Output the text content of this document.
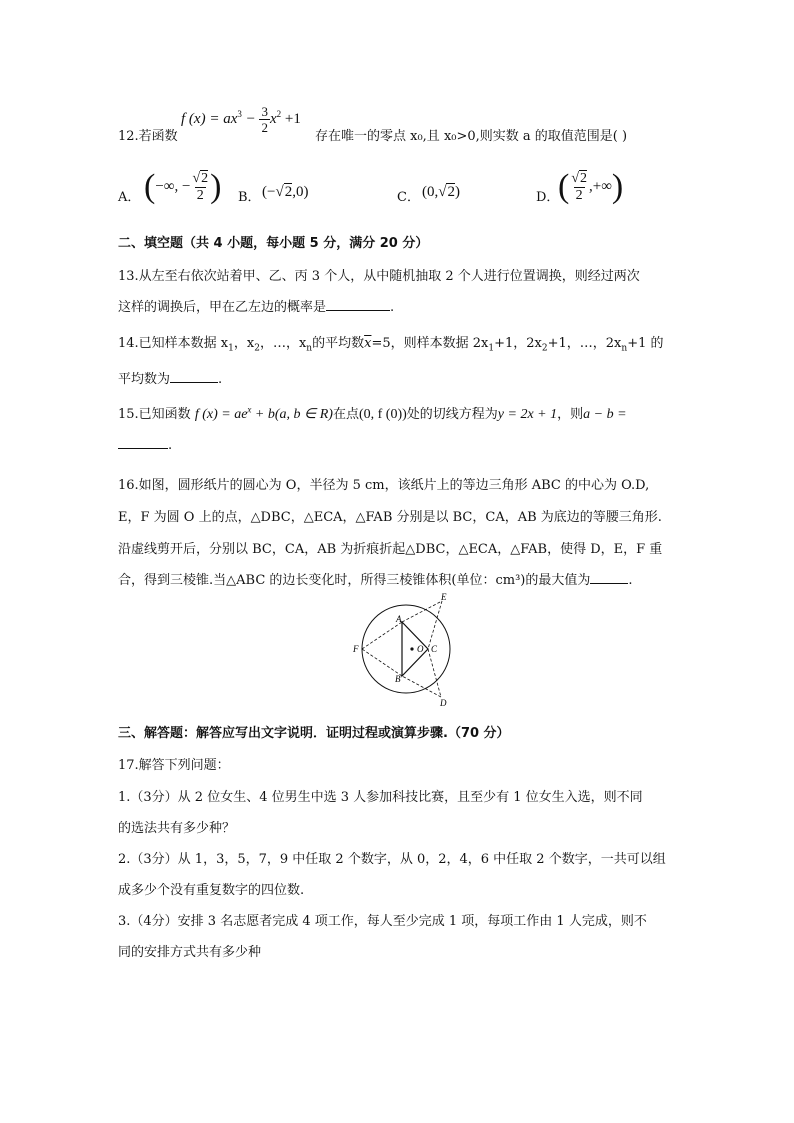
12.若函数
f $(x) = ax^3 - \frac{3}{2} x^2 +1$
存在唯一的零点 x₀,且 x₀>0,则实数 a 的取值范围是( )
A． (−∞, − $\frac{√2}{2}$ ) B． (−√2,0)	C． (0,√2)	D．
( $\frac{√2}{2}$ ,+∞)
二、填空题（共 4 小题，每小题 5 分，满分 20 分）
13.从左至右依次站着甲、乙、丙 3 个人，从中随机抽取 2 个人进行位置调换，则经过两次
这样的调换后，甲在乙左边的概率是	.
14.已知样本数据 $x_1$，$x_2$，…，$x_n$的平均数$\overline{x}=5$，则样本数据 $2x_1+1$，$2x_2+1$，…，$2x_n+1$ 的
平均数为	.
15.已知函数 f $(x) = ae^x + b(a$, b ∈ R)在点(0, f (0))处的切线方程为y = 2x + 1，则a − b =
.
16.如图，圆形纸片的圆心为 O，半径为 5 cm，该纸片上的等边三角形 ABC 的中心为 O.D,
E，F 为圆 O 上的点，△DBC，△ECA，△FAB 分别是以 BC，CA，AB 为底边的等腰三角形.
沿虚线剪开后，分别以 BC，CA，AB 为折痕折起△DBC，△ECA，△FAB，使得 D，E，F 重
合，得到三棱锥.当△ABC 的边长变化时，所得三棱锥体积(单位：cm³)的最大值为	.
A
B
C
D
E
F	O
三、解答题：解答应写出文字说明．证明过程或演算步骤.（70 分）
17.解答下列问题：
1.（3分）从 2 位女生、4 位男生中选 3 人参加科技比赛，且至少有 1 位女生入选，则不同
的选法共有多少种？
2.（3分）从 1，3，5，7，9 中任取 2 个数字，从 0，2，4，6 中任取 2 个数字，一共可以组
成多少个没有重复数字的四位数.
3.（4分）安排 3 名志愿者完成 4 项工作，每人至少完成 1 项，每项工作由 1 人完成，则不
同的安排方式共有多少种
